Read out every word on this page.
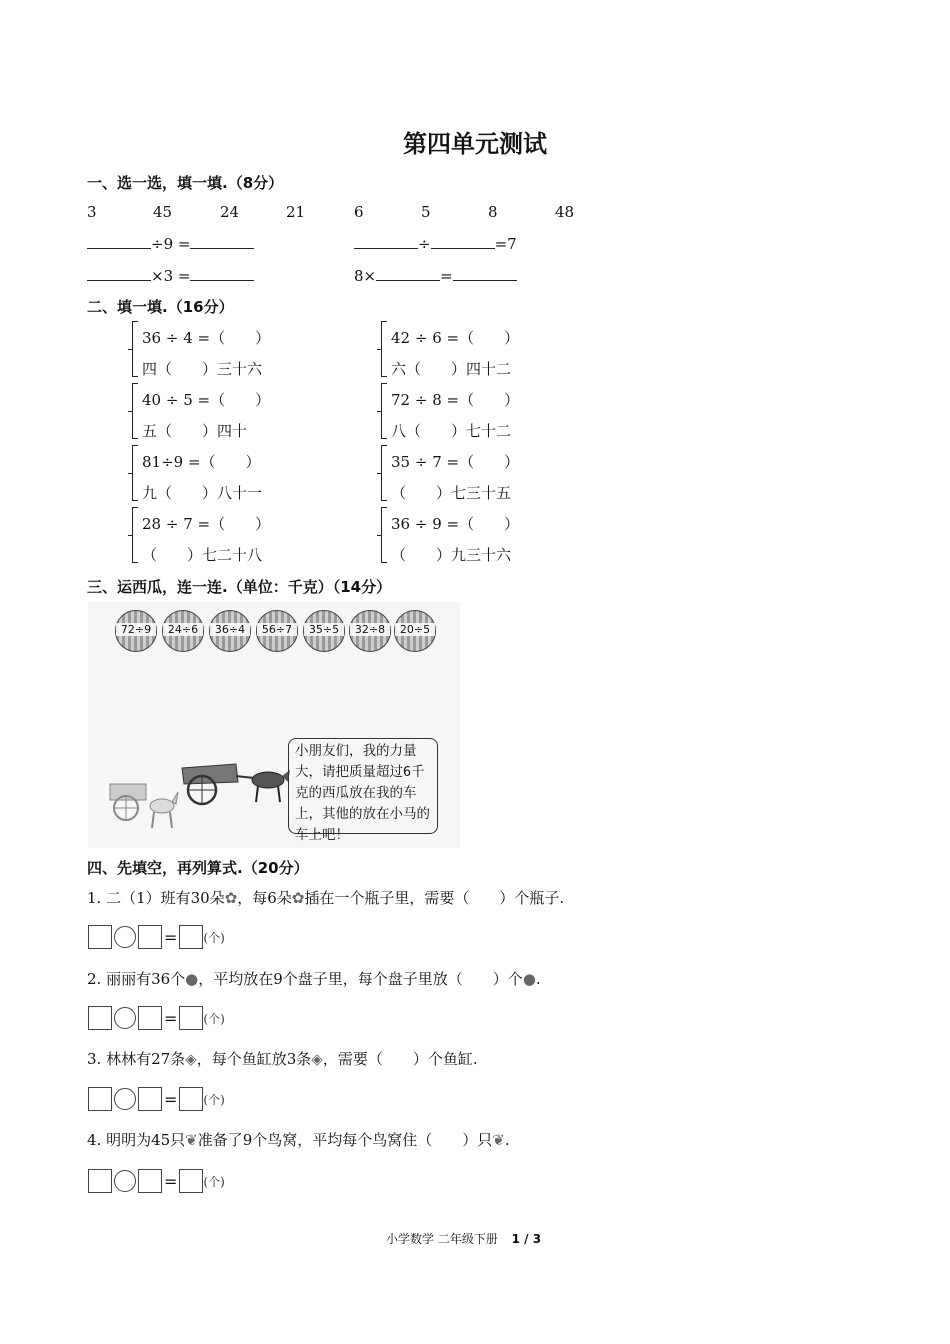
第四单元测试
一、选一选，填一填.（8分）
3	45	24	21	6	5	8	48
÷9 =	÷	=7
×3 =	8×	=
二、填一填.（16分）
36 ÷ 4 =（　　）
四（　　）三十六
42 ÷ 6 =（　　）
六（　　）四十二
40 ÷ 5 =（　　）
五（　　）四十
72 ÷ 8 =（　　）
八（　　）七十二
81÷9 =（　　）
九（　　）八十一
35 ÷ 7 =（　　）
（　　）七三十五
28 ÷ 7 =（　　）
（　　）七二十八
36 ÷ 9 =（　　）
（　　）九三十六
三、运西瓜，连一连.（单位：千克）（14分）
72÷9	24÷6	36÷4	56÷7	35÷5	32÷8	20÷5
小朋友们，我的力量大，请把质量超过6千克的西瓜放在我的车上，其他的放在小马的车上吧！
四、先填空，再列算式.（20分）
1. 二（1）班有30朵✿，每6朵✿插在一个瓶子里，需要（　　）个瓶子.
= (个)
2. 丽丽有36个●，平均放在9个盘子里，每个盘子里放（　　）个●.
= (个)
3. 林林有27条◈，每个鱼缸放3条◈，需要（　　）个鱼缸.
= (个)
4. 明明为45只❦准备了9个鸟窝，平均每个鸟窝住（　　）只❦.
= (个)
小学数学 二年级下册 1 / 3
